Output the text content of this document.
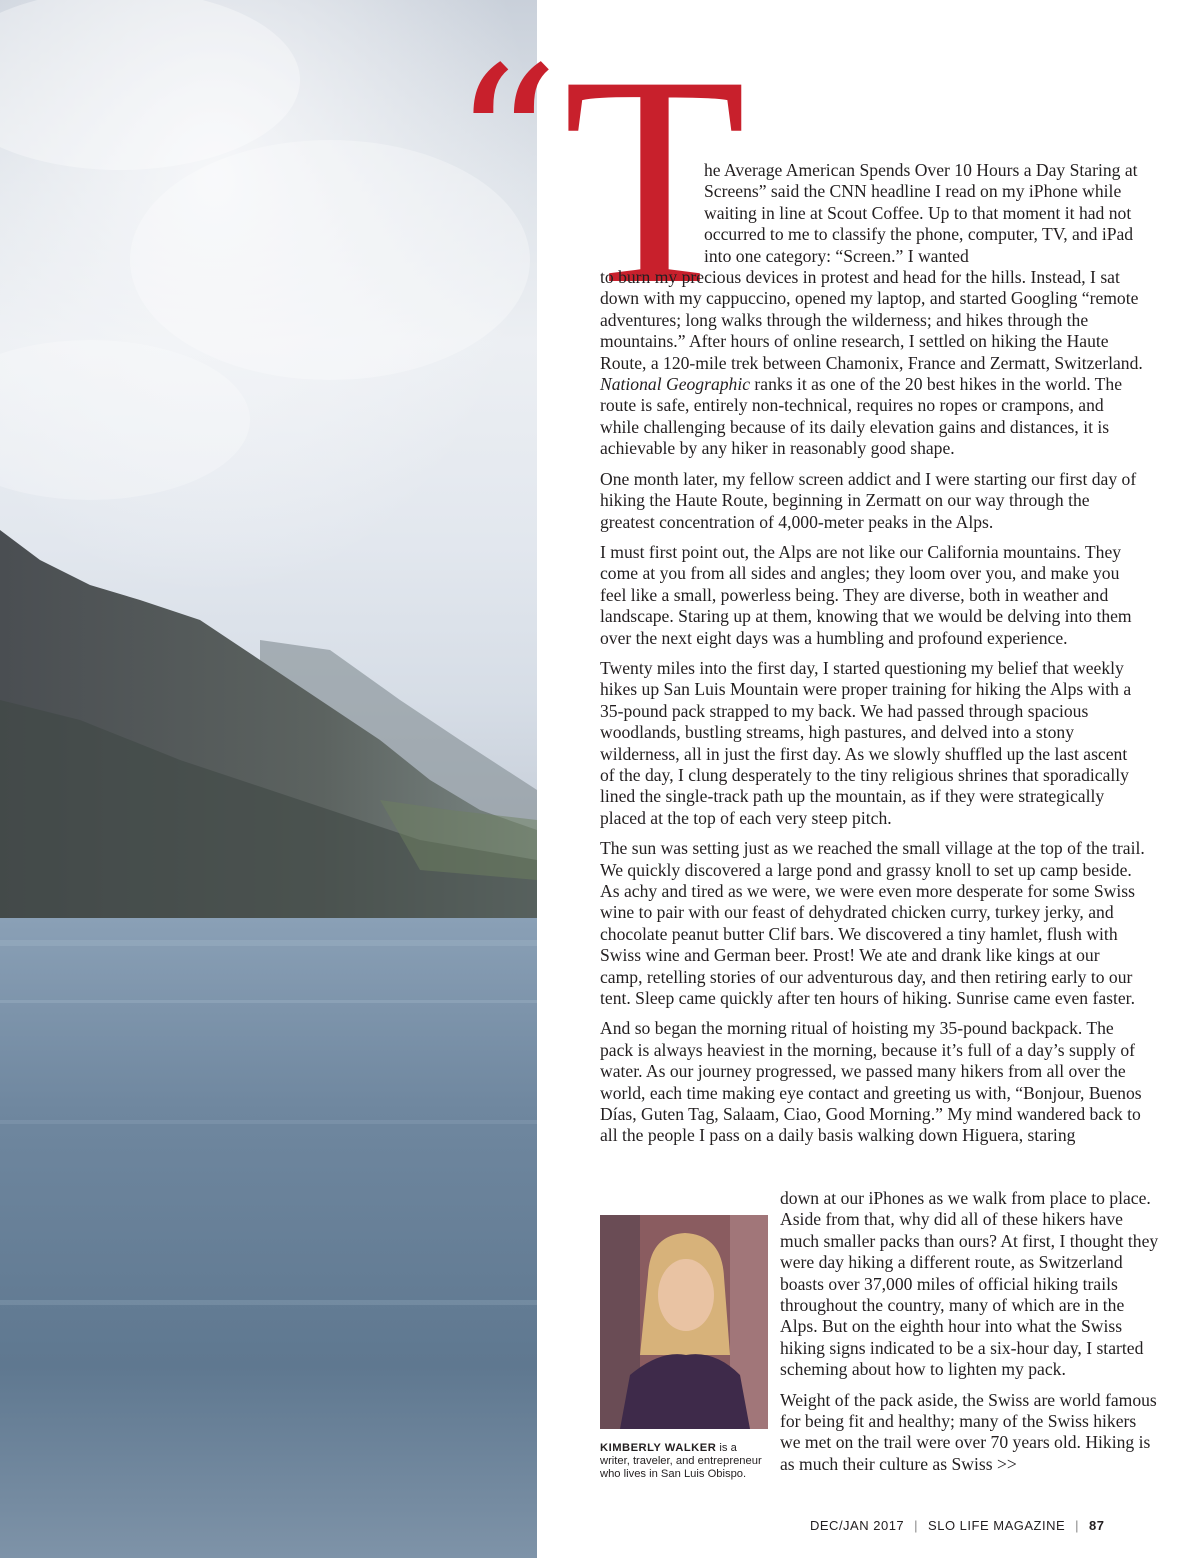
“ T

he Average American Spends Over 10 Hours a Day Staring at Screens” said the CNN headline I read on my iPhone while waiting in line at Scout Coffee. Up to that moment it had not occurred to me to classify the phone, computer, TV, and iPad into one category: “Screen.” I wanted
to burn my precious devices in protest and head for the hills. Instead, I sat down with my cappuccino, opened my laptop, and started Googling “remote adventures; long walks through the wilderness; and hikes through the mountains.” After hours of online research, I settled on hiking the Haute Route, a 120-mile trek between Chamonix, France and Zermatt, Switzerland. National Geographic ranks it as one of the 20 best hikes in the world. The route is safe, entirely non-technical, requires no ropes or crampons, and while challenging because of its daily elevation gains and distances, it is achievable by any hiker in reasonably good shape.

One month later, my fellow screen addict and I were starting our first day of hiking the Haute Route, beginning in Zermatt on our way through the greatest concentration of 4,000-meter peaks in the Alps.

I must first point out, the Alps are not like our California mountains. They come at you from all sides and angles; they loom over you, and make you feel like a small, powerless being. They are diverse, both in weather and landscape. Staring up at them, knowing that we would be delving into them over the next eight days was a humbling and profound experience.

Twenty miles into the first day, I started questioning my belief that weekly hikes up San Luis Mountain were proper training for hiking the Alps with a 35-pound pack strapped to my back. We had passed through spacious woodlands, bustling streams, high pastures, and delved into a stony wilderness, all in just the first day. As we slowly shuffled up the last ascent of the day, I clung desperately to the tiny religious shrines that sporadically lined the single-track path up the mountain, as if they were strategically placed at the top of each very steep pitch.

The sun was setting just as we reached the small village at the top of the trail. We quickly discovered a large pond and grassy knoll to set up camp beside. As achy and tired as we were, we were even more desperate for some Swiss wine to pair with our feast of dehydrated chicken curry, turkey jerky, and chocolate peanut butter Clif bars. We discovered a tiny hamlet, flush with Swiss wine and German beer. Prost! We ate and drank like kings at our camp, retelling stories of our adventurous day, and then retiring early to our tent. Sleep came quickly after ten hours of hiking. Sunrise came even faster.

And so began the morning ritual of hoisting my 35-pound backpack. The pack is always heaviest in the morning, because it’s full of a day’s supply of water. As our journey progressed, we passed many hikers from all over the world, each time making eye contact and greeting us with, “Bonjour, Buenos Días, Guten Tag, Salaam, Ciao, Good Morning.” My mind wandered back to all the people I pass on a daily basis walking down Higuera, staring

KIMBERLY WALKER is a writer, traveler, and entrepreneur who lives in San Luis Obispo.

down at our iPhones as we walk from place to place. Aside from that, why did all of these hikers have much smaller packs than ours? At first, I thought they were day hiking a different route, as Switzerland boasts over 37,000 miles of official hiking trails throughout the country, many of which are in the Alps. But on the eighth hour into what the Swiss hiking signs indicated to be a six-hour day, I started scheming about how to lighten my pack.

Weight of the pack aside, the Swiss are world famous for being fit and healthy; many of the Swiss hikers we met on the trail were over 70 years old. Hiking is as much their culture as Swiss >>

DEC/JAN 2017 | SLO LIFE MAGAZINE | 87
